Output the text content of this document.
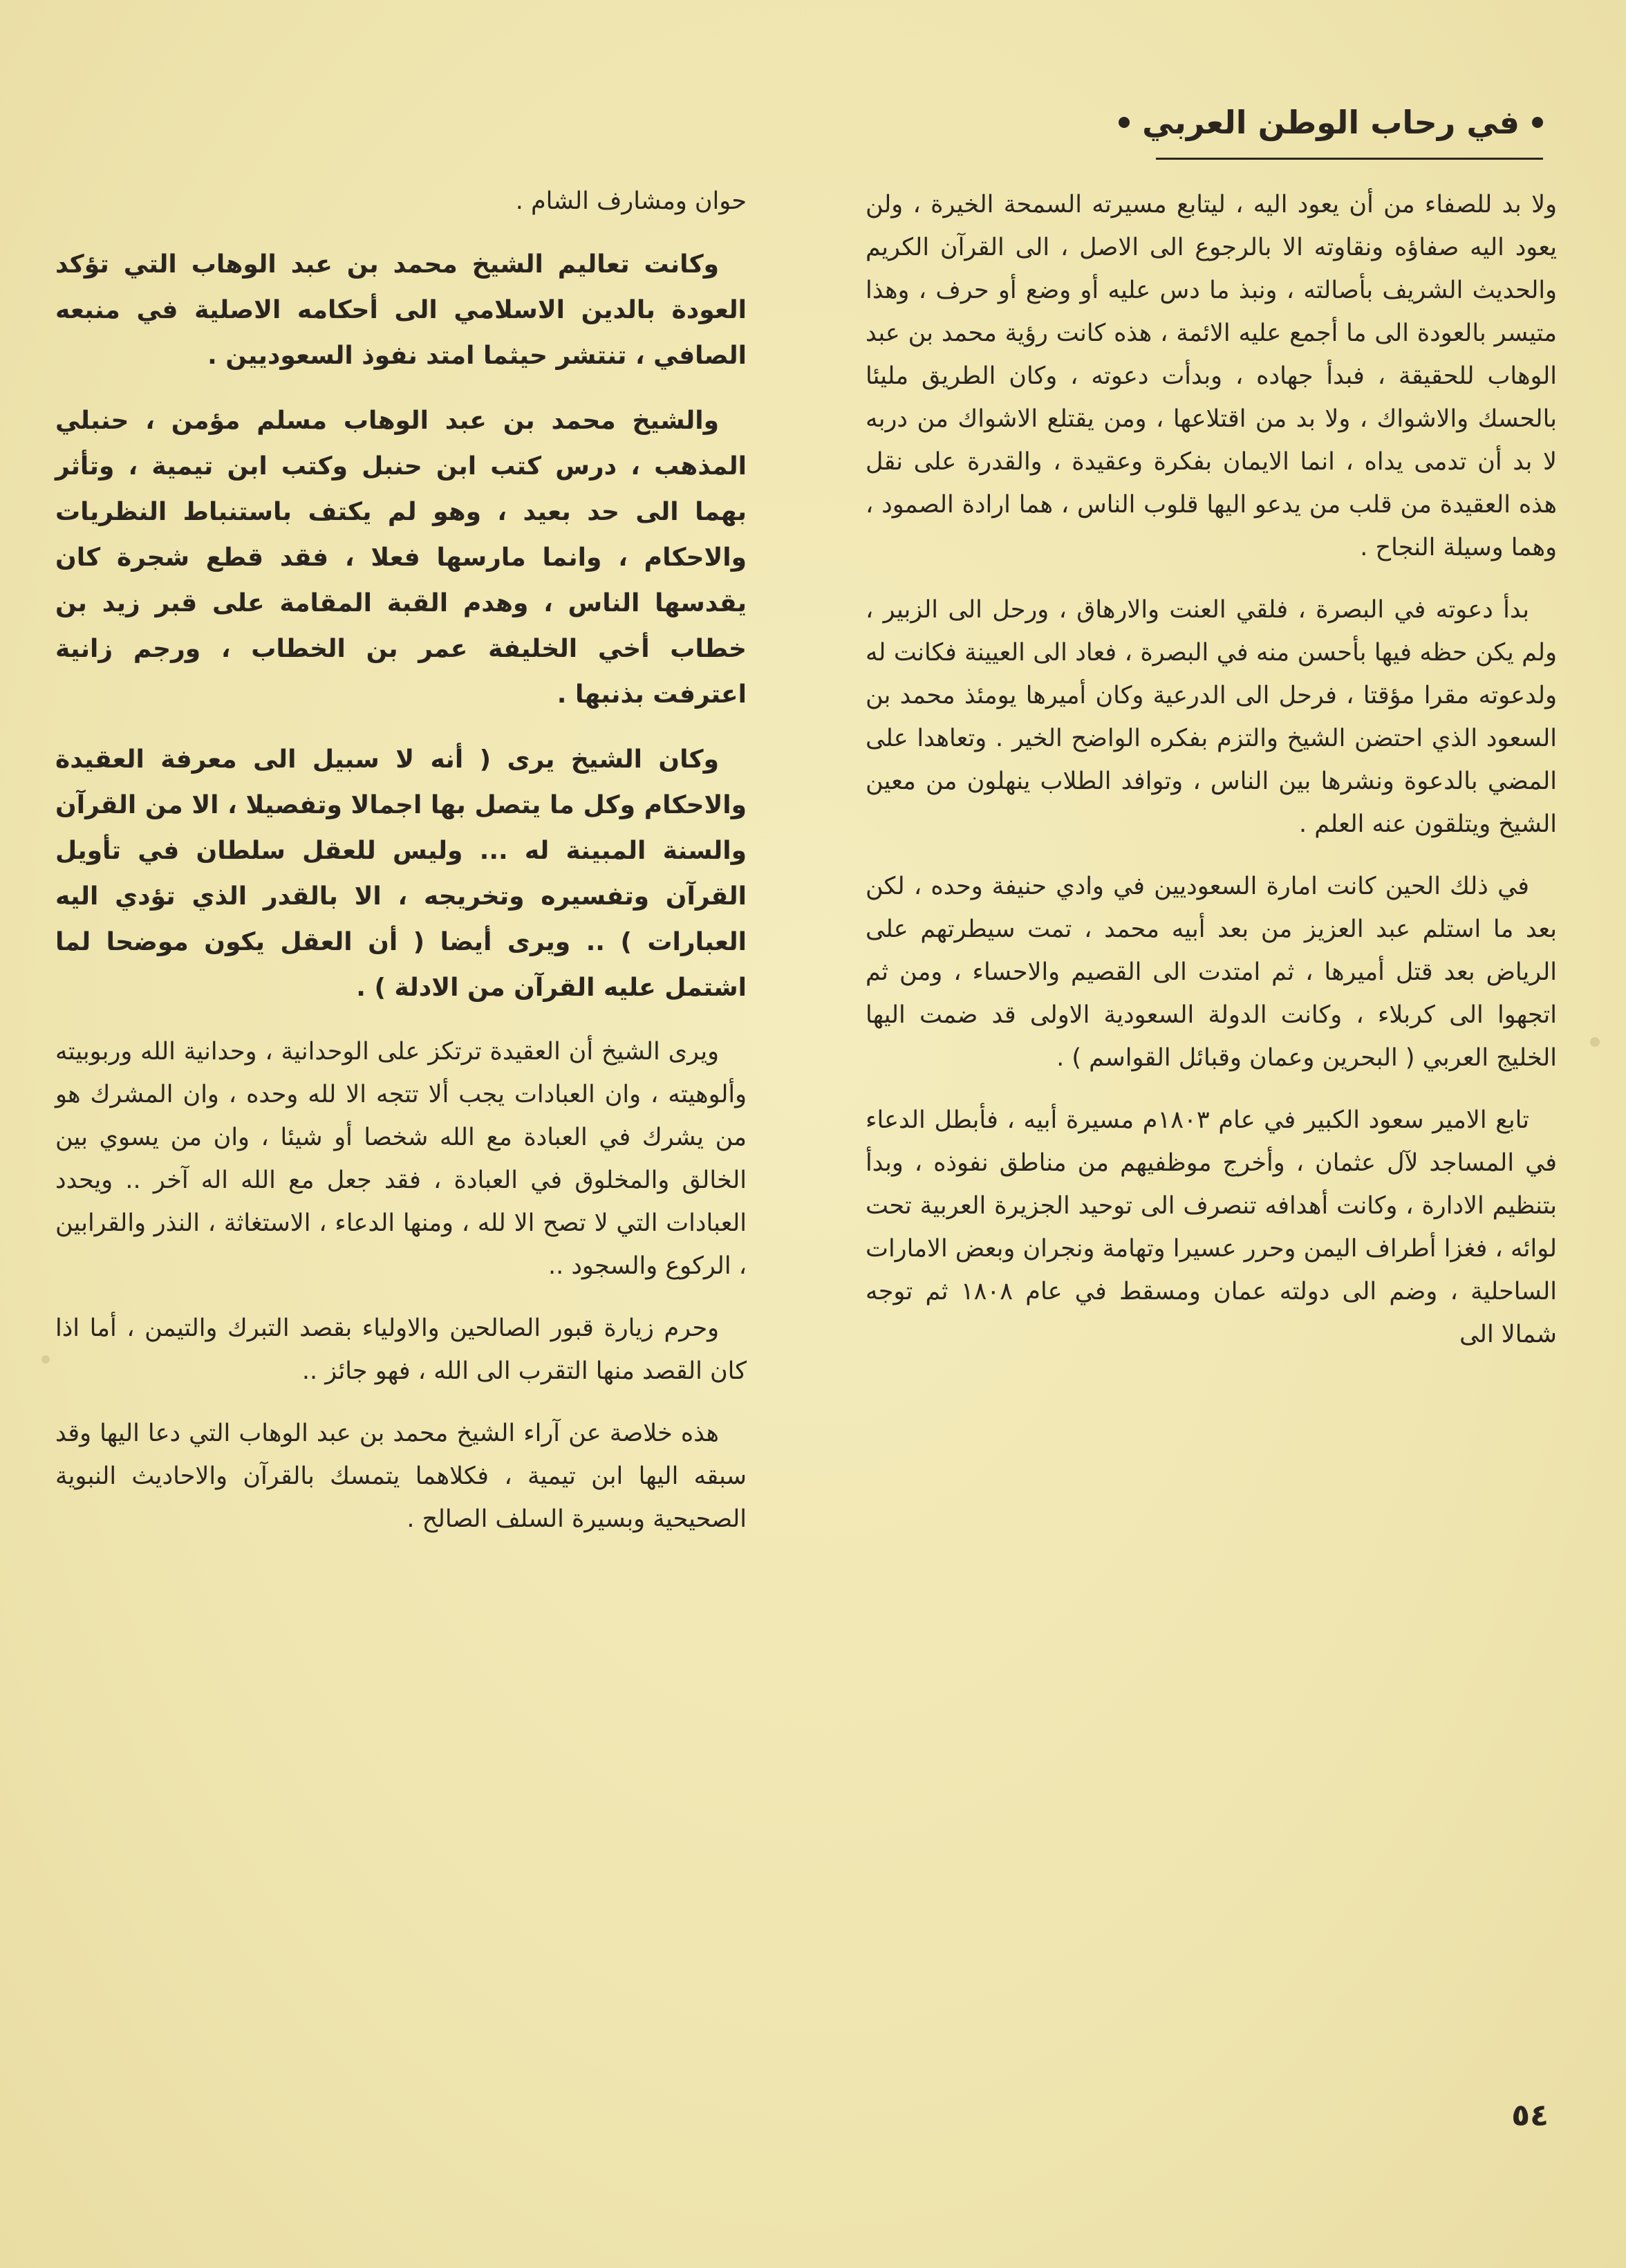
في رحاب الوطن العربي

ولا بد للصفاء من أن يعود اليه ، ليتابع مسيرته السمحة الخيرة ، ولن يعود اليه صفاؤه ونقاوته الا بالرجوع الى الاصل ، الى القرآن الكريم والحديث الشريف بأصالته ، ونبذ ما دس عليه أو وضع أو حرف ، وهذا متيسر بالعودة الى ما أجمع عليه الائمة ، هذه كانت رؤية محمد بن عبد الوهاب للحقيقة ، فبدأ جهاده ، وبدأت دعوته ، وكان الطريق مليئا بالحسك والاشواك ، ولا بد من اقتلاعها ، ومن يقتلع الاشواك من دربه لا بد أن تدمى يداه ، انما الايمان بفكرة وعقيدة ، والقدرة على نقل هذه العقيدة من قلب من يدعو اليها قلوب الناس ، هما ارادة الصمود ، وهما وسيلة النجاح .

بدأ دعوته في البصرة ، فلقي العنت والارهاق ، ورحل الى الزبير ، ولم يكن حظه فيها بأحسن منه في البصرة ، فعاد الى العيينة فكانت له ولدعوته مقرا مؤقتا ، فرحل الى الدرعية وكان أميرها يومئذ محمد بن السعود الذي احتضن الشيخ والتزم بفكره الواضح الخير . وتعاهدا على المضي بالدعوة ونشرها بين الناس ، وتوافد الطلاب ينهلون من معين الشيخ ويتلقون عنه العلم .

في ذلك الحين كانت امارة السعوديين في وادي حنيفة وحده ، لكن بعد ما استلم عبد العزيز من بعد أبيه محمد ، تمت سيطرتهم على الرياض بعد قتل أميرها ، ثم امتدت الى القصيم والاحساء ، ومن ثم اتجهوا الى كربلاء ، وكانت الدولة السعودية الاولى قد ضمت اليها الخليج العربي ( البحرين وعمان وقبائل القواسم ) .

تابع الامير سعود الكبير في عام ١٨٠٣م مسيرة أبيه ، فأبطل الدعاء في المساجد لآل عثمان ، وأخرج موظفيهم من مناطق نفوذه ، وبدأ بتنظيم الادارة ، وكانت أهدافه تنصرف الى توحيد الجزيرة العربية تحت لوائه ، فغزا أطراف اليمن وحرر عسيرا وتهامة ونجران وبعض الامارات الساحلية ، وضم الى دولته عمان ومسقط في عام ١٨٠٨ ثم توجه شمالا الى

حوان ومشارف الشام .

وكانت تعاليم الشيخ محمد بن عبد الوهاب التي تؤكد العودة بالدين الاسلامي الى أحكامه الاصلية في منبعه الصافي ، تنتشر حيثما امتد نفوذ السعوديين .

والشيخ محمد بن عبد الوهاب مسلم مؤمن ، حنبلي المذهب ، درس كتب ابن حنبل وكتب ابن تيمية ، وتأثر بهما الى حد بعيد ، وهو لم يكتف باستنباط النظريات والاحكام ، وانما مارسها فعلا ، فقد قطع شجرة كان يقدسها الناس ، وهدم القبة المقامة على قبر زيد بن خطاب أخي الخليفة عمر بن الخطاب ، ورجم زانية اعترفت بذنبها .

وكان الشيخ يرى ( أنه لا سبيل الى معرفة العقيدة والاحكام وكل ما يتصل بها اجمالا وتفصيلا ، الا من القرآن والسنة المبينة له ... وليس للعقل سلطان في تأويل القرآن وتفسيره وتخريجه ، الا بالقدر الذي تؤدي اليه العبارات ) .. ويرى أيضا ( أن العقل يكون موضحا لما اشتمل عليه القرآن من الادلة ) .

ويرى الشيخ أن العقيدة ترتكز على الوحدانية ، وحدانية الله وربوبيته وألوهيته ، وان العبادات يجب ألا تتجه الا لله وحده ، وان المشرك هو من يشرك في العبادة مع الله شخصا أو شيئا ، وان من يسوي بين الخالق والمخلوق في العبادة ، فقد جعل مع الله اله آخر .. ويحدد العبادات التي لا تصح الا لله ، ومنها الدعاء ، الاستغاثة ، النذر والقرابين ، الركوع والسجود ..

وحرم زيارة قبور الصالحين والاولياء بقصد التبرك والتيمن ، أما اذا كان القصد منها التقرب الى الله ، فهو جائز ..

هذه خلاصة عن آراء الشيخ محمد بن عبد الوهاب التي دعا اليها وقد سبقه اليها ابن تيمية ، فكلاهما يتمسك بالقرآن والاحاديث النبوية الصحيحية وبسيرة السلف الصالح .

٥٤
